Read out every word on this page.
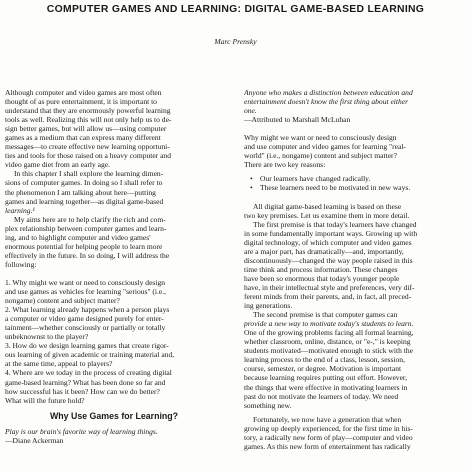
COMPUTER GAMES AND LEARNING: DIGITAL GAME-BASED LEARNING
Marc Prensky
Although computer and video games are most often
thought of as pure entertainment, it is important to
understand that they are enormously powerful learning
tools as well. Realizing this will not only help us to de-
sign better games, but will allow us—using computer
games as a medium that can express many different
messages—to create effective new learning opportuni-
ties and tools for those raised on a heavy computer and
video game diet from an early age.
In this chapter I shall explore the learning dimen-
sions of computer games. In doing so I shall refer to
the phenomenon I am talking about here—putting
games and learning together—as digital game-based
learning.¹
My aims here are to help clarify the rich and com-
plex relationship between computer games and learn-
ing, and to highlight computer and video games'
enormous potential for helping people to learn more
effectively in the future. In so doing, I will address the
following:
1. Why might we want or need to consciously design
and use games as vehicles for learning "serious" (i.e.,
nongame) content and subject matter?
2. What learning already happens when a person plays
a computer or video game designed purely for enter-
tainment—whether consciously or partially or totally
unbeknownst to the player?
3. How do we design learning games that create rigor-
ous learning of given academic or training material and,
at the same time, appeal to players?
4. Where are we today in the process of creating digital
game-based learning? What has been done so far and
how successful has it been? How can we do better?
What will the future hold?
Why Use Games for Learning?
Play is our brain's favorite way of learning things.
—Diane Ackerman
Anyone who makes a distinction between education and
entertainment doesn't know the first thing about either
one.
—Attributed to Marshall McLuhan
Why might we want or need to consciously design
and use computer and video games for learning "real-
world" (i.e., nongame) content and subject matter?
There are two key reasons:
• Our learners have changed radically.
• These learners need to be motivated in new ways.
All digital game-based learning is based on these
two key premises. Let us examine them in more detail.
The first premise is that today's learners have changed
in some fundamentally important ways. Growing up with
digital technology, of which computer and video games
are a major part, has dramatically—and, importantly,
discontinuously—changed the way people raised in this
time think and process information. These changes
have been so enormous that today's younger people
have, in their intellectual style and preferences, very dif-
ferent minds from their parents, and, in fact, all preced-
ing generations.
The second premise is that computer games can
provide a new way to motivate today's students to learn.
One of the growing problems facing all formal learning,
whether classroom, online, distance, or "e-," is keeping
students motivated—motivated enough to stick with the
learning process to the end of a class, lesson, session,
course, semester, or degree. Motivation is important
because learning requires putting out effort. However,
the things that were effective in motivating learners in
past do not motivate the learners of today. We need
something new.
Fortunately, we now have a generation that when
growing up deeply experienced, for the first time in his-
tory, a radically new form of play—computer and video
games. As this new form of entertainment has radically
